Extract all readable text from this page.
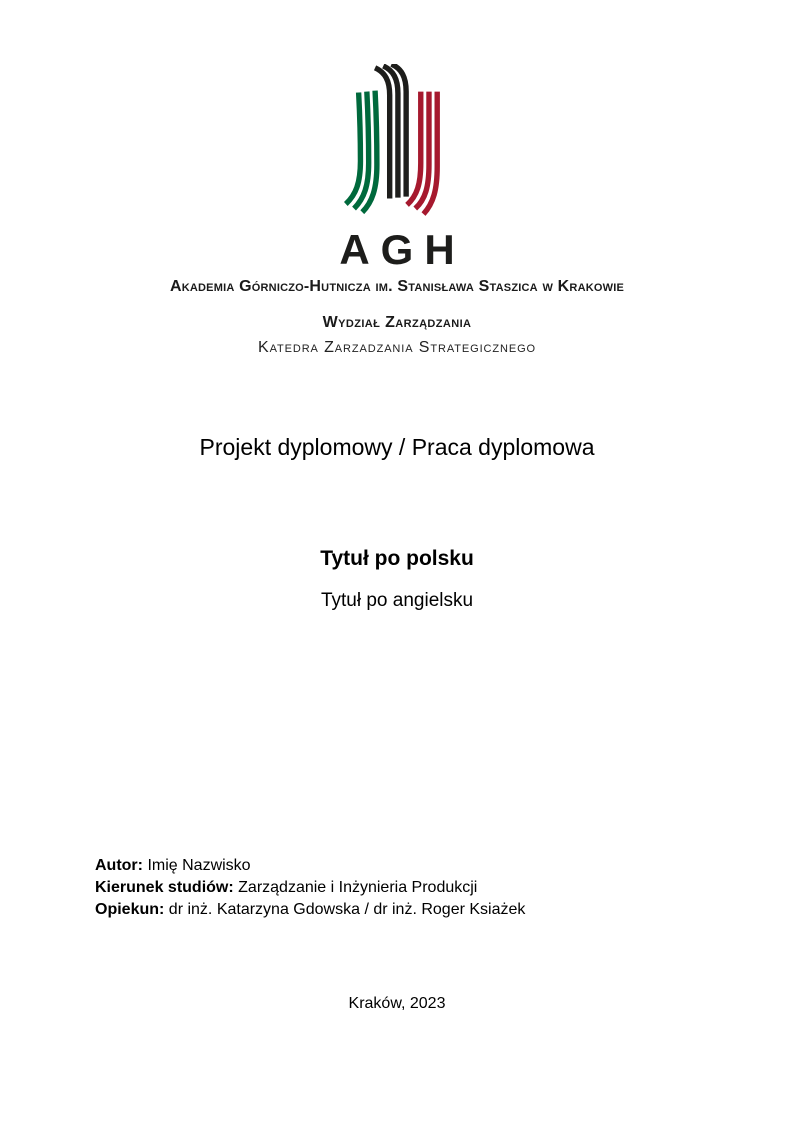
AGH
Akademia Górniczo-Hutnicza im. Stanisława Staszica w Krakowie
Wydział Zarządzania
Katedra Zarzadzania Strategicznego
Projekt dyplomowy / Praca dyplomowa
Tytuł po polsku
Tytuł po angielsku
Autor: Imię Nazwisko
Kierunek studiów: Zarządzanie i Inżynieria Produkcji
Opiekun: dr inż. Katarzyna Gdowska / dr inż. Roger Ksiażek
Kraków, 2023
